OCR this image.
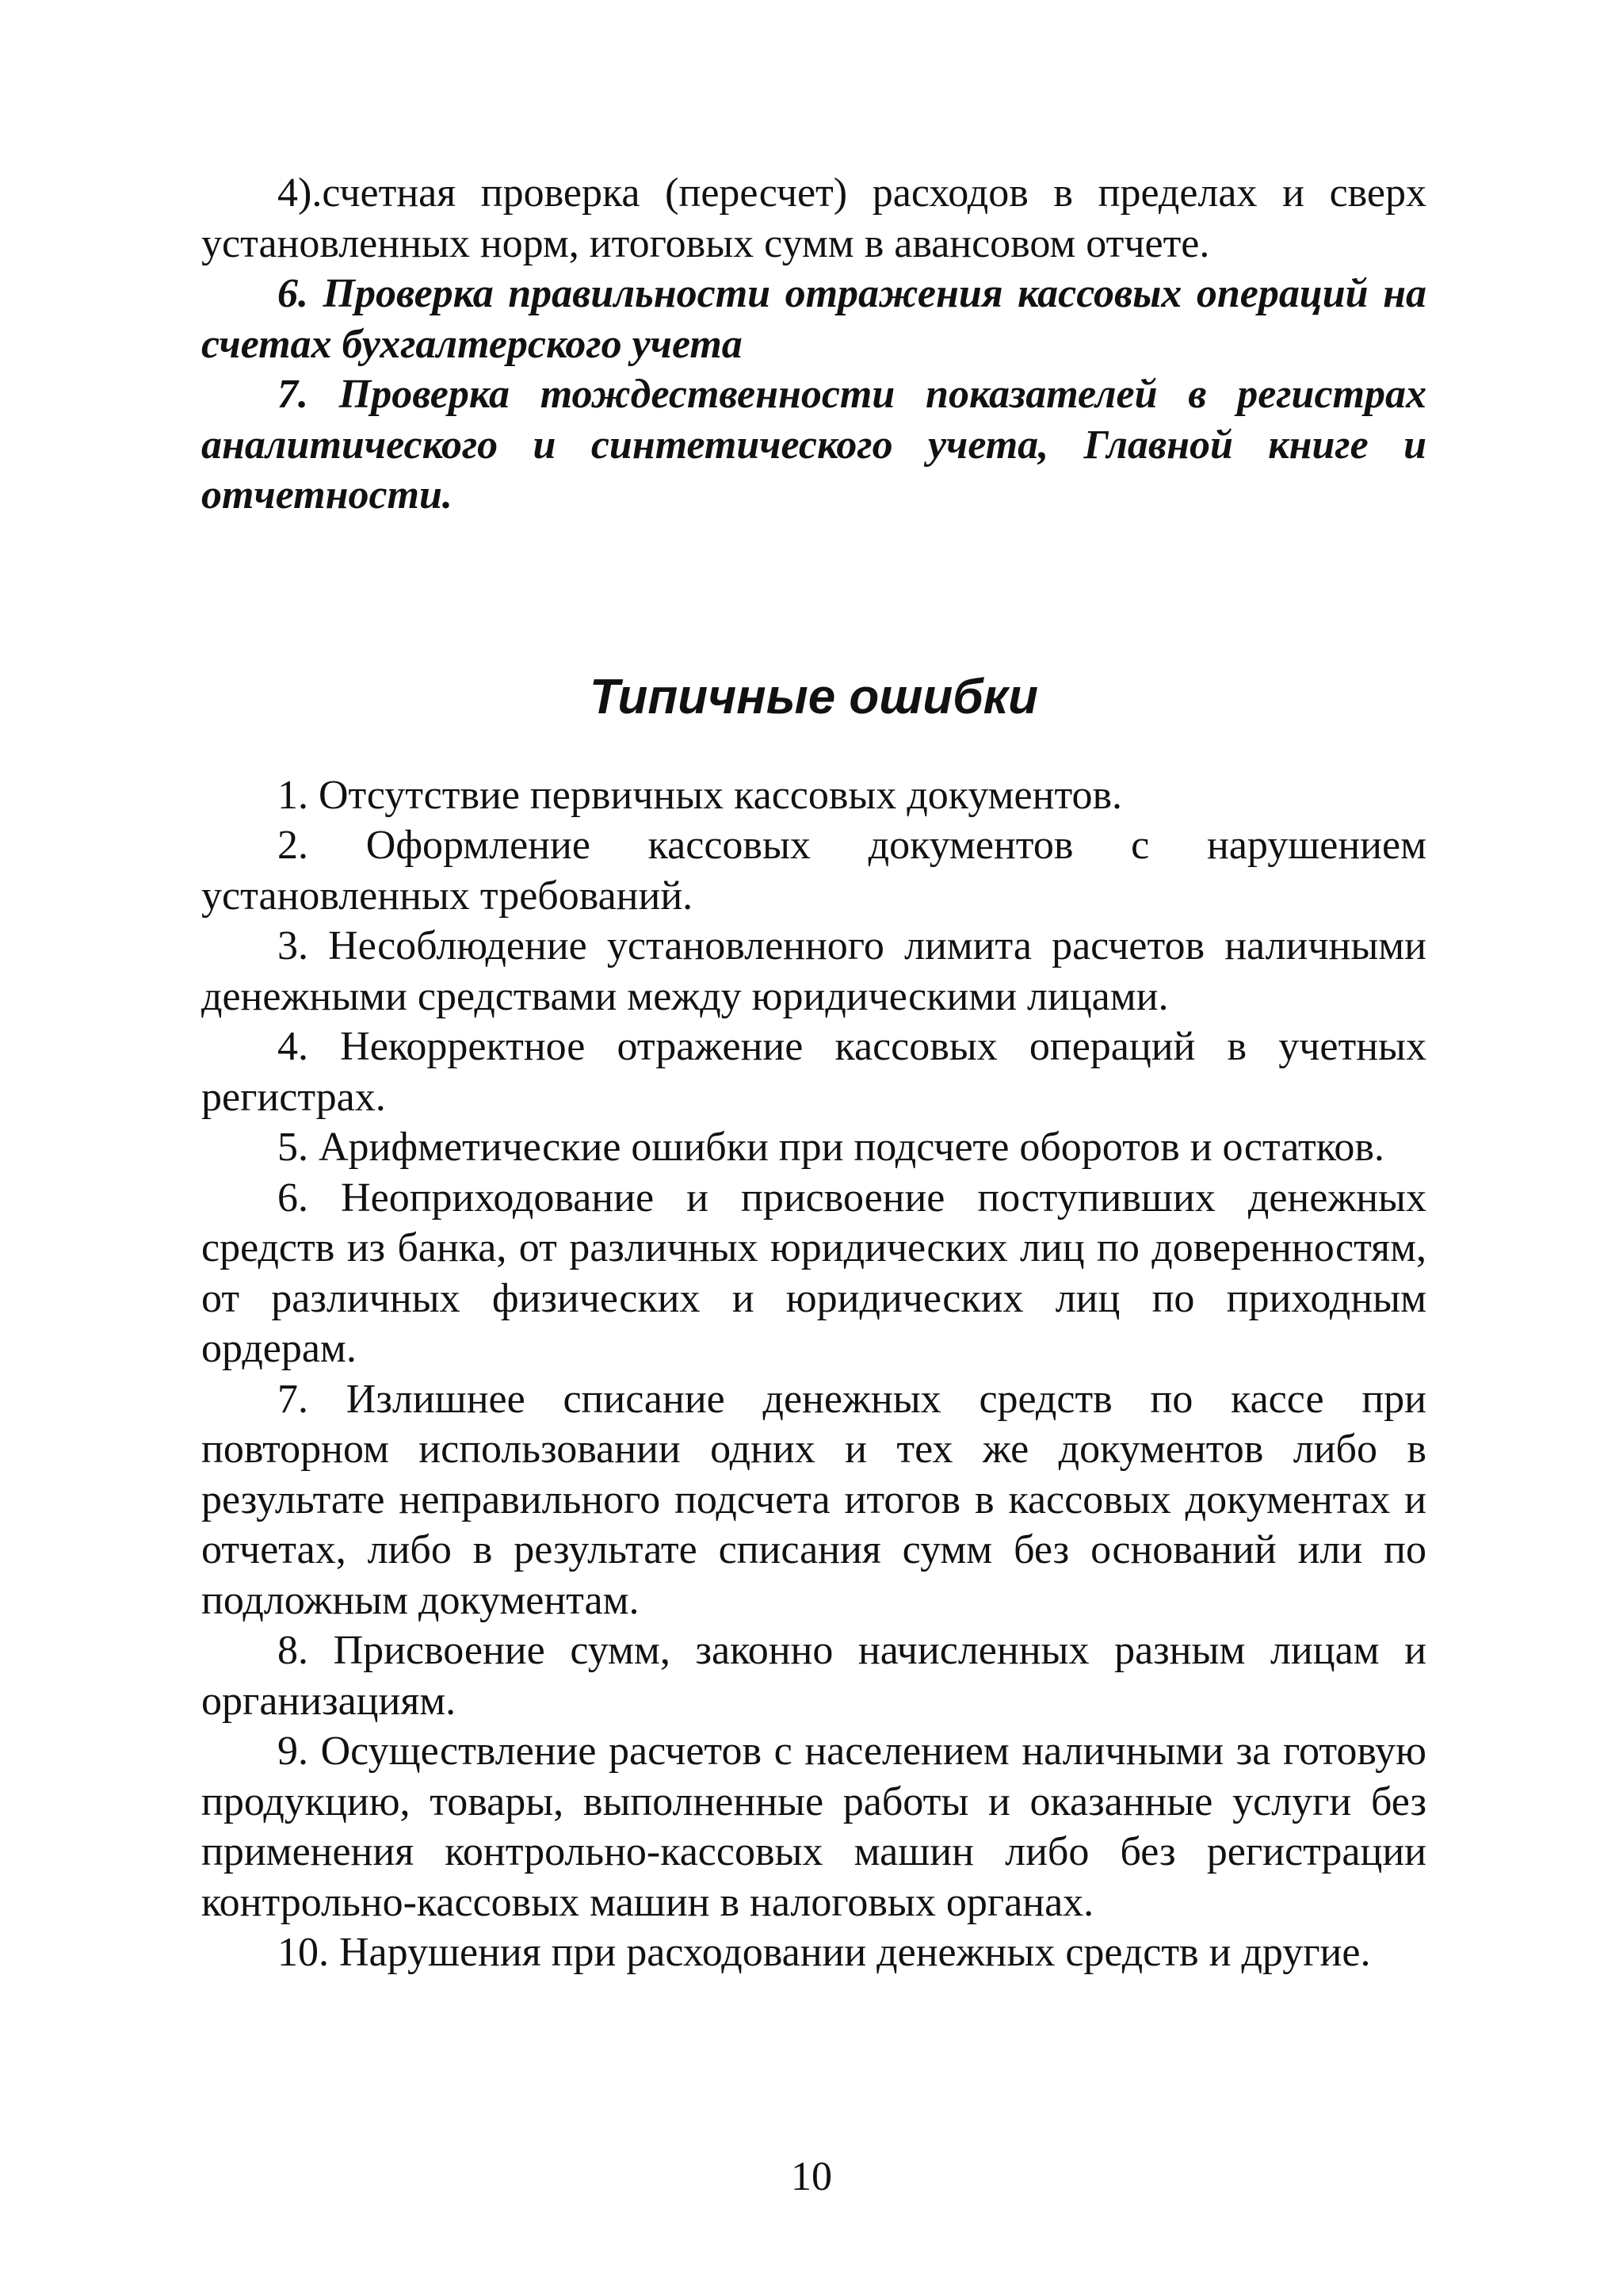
4).счетная проверка (пересчет) расходов в пределах и сверх установленных норм, итоговых сумм в авансовом отчете.

6. Проверка правильности отражения кассовых операций на счетах бухгалтерского учета

7. Проверка тождественности показателей в регистрах аналитического и синтетического учета, Главной книге и отчетности.

Типичные ошибки

1. Отсутствие первичных кассовых документов.

2. Оформление кассовых документов с нарушением установленных требований.

3. Несоблюдение установленного лимита расчетов наличными денежными средствами между юридическими лицами.

4. Некорректное отражение кассовых операций в учетных регистрах.

5. Арифметические ошибки при подсчете оборотов и остатков.

6. Неоприходование и присвоение поступивших денежных средств из банка, от различных юридических лиц по доверенностям, от различных физических и юридических лиц по приходным ордерам.

7. Излишнее списание денежных средств по кассе при повторном использовании одних и тех же документов либо в результате неправильного подсчета итогов в кассовых документах и отчетах, либо в результате списания сумм без оснований или по подложным документам.

8. Присвоение сумм, законно начисленных разным лицам и организациям.

9. Осуществление расчетов с населением наличными за готовую продукцию, товары, выполненные работы и оказанные услуги без применения контрольно-кассовых машин либо без регистрации контрольно-кассовых машин в налоговых органах.

10. Нарушения при расходовании денежных средств и другие.

10
